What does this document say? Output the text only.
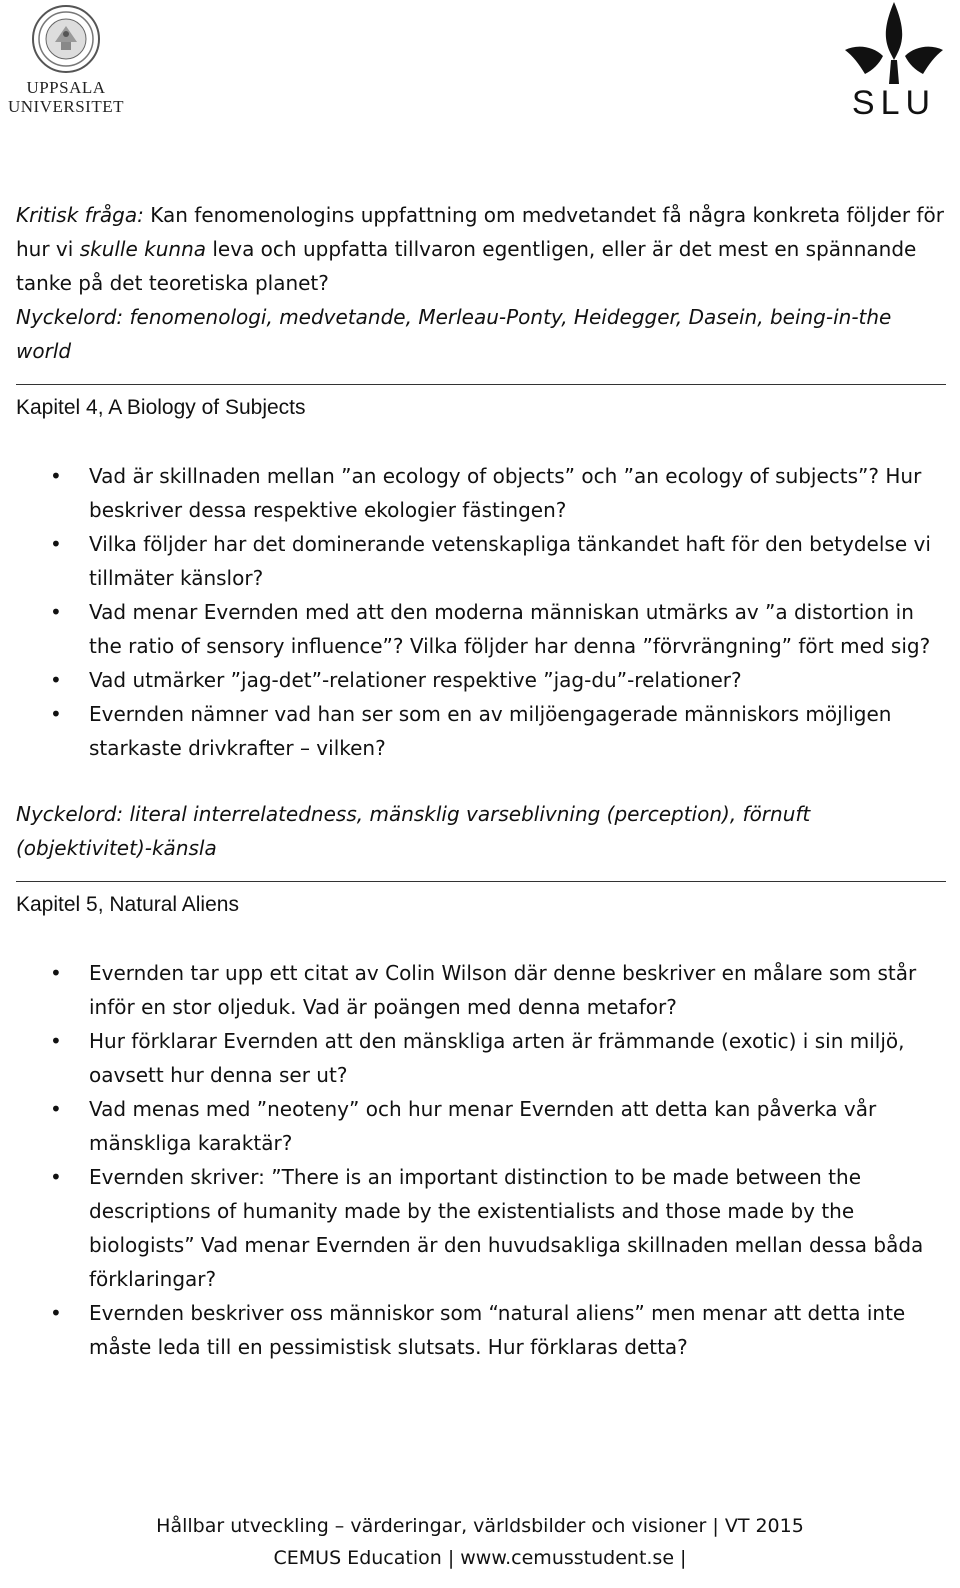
UPPSALA
UNIVERSITET	SLU

Kritisk fråga: Kan fenomenologins uppfattning om medvetandet få några konkreta följder för hur vi skulle kunna leva och uppfatta tillvaron egentligen, eller är det mest en spännande tanke på det teoretiska planet?

Nyckelord: fenomenologi, medvetande, Merleau-Ponty, Heidegger, Dasein, being-in-the world

Kapitel 4, A Biology of Subjects
• Vad är skillnaden mellan ”an ecology of objects” och ”an ecology of subjects”? Hur beskriver dessa respektive ekologier fästingen?
• Vilka följder har det dominerande vetenskapliga tänkandet haft för den betydelse vi tillmäter känslor?
• Vad menar Evernden med att den moderna människan utmärks av ”a distortion in the ratio of sensory influence”? Vilka följder har denna ”förvrängning” fört med sig?
• Vad utmärker ”jag-det”-relationer respektive ”jag-du”-relationer?
• Evernden nämner vad han ser som en av miljöengagerade människors möjligen starkaste drivkrafter – vilken?

Nyckelord: literal interrelatedness, mänsklig varseblivning (perception), förnuft (objektivitet)-känsla

Kapitel 5, Natural Aliens
• Evernden tar upp ett citat av Colin Wilson där denne beskriver en målare som står inför en stor oljeduk. Vad är poängen med denna metafor?
• Hur förklarar Evernden att den mänskliga arten är främmande (exotic) i sin miljö, oavsett hur denna ser ut?
• Vad menas med ”neoteny” och hur menar Evernden att detta kan påverka vår mänskliga karaktär?
• Evernden skriver: ”There is an important distinction to be made between the descriptions of humanity made by the existentialists and those made by the biologists” Vad menar Evernden är den huvudsakliga skillnaden mellan dessa båda förklaringar?
• Evernden beskriver oss människor som “natural aliens” men menar att detta inte måste leda till en pessimistisk slutsats. Hur förklaras detta?
Hållbar utveckling – värderingar, världsbilder och visioner | VT 2015
CEMUS Education | www.cemusstudent.se |
